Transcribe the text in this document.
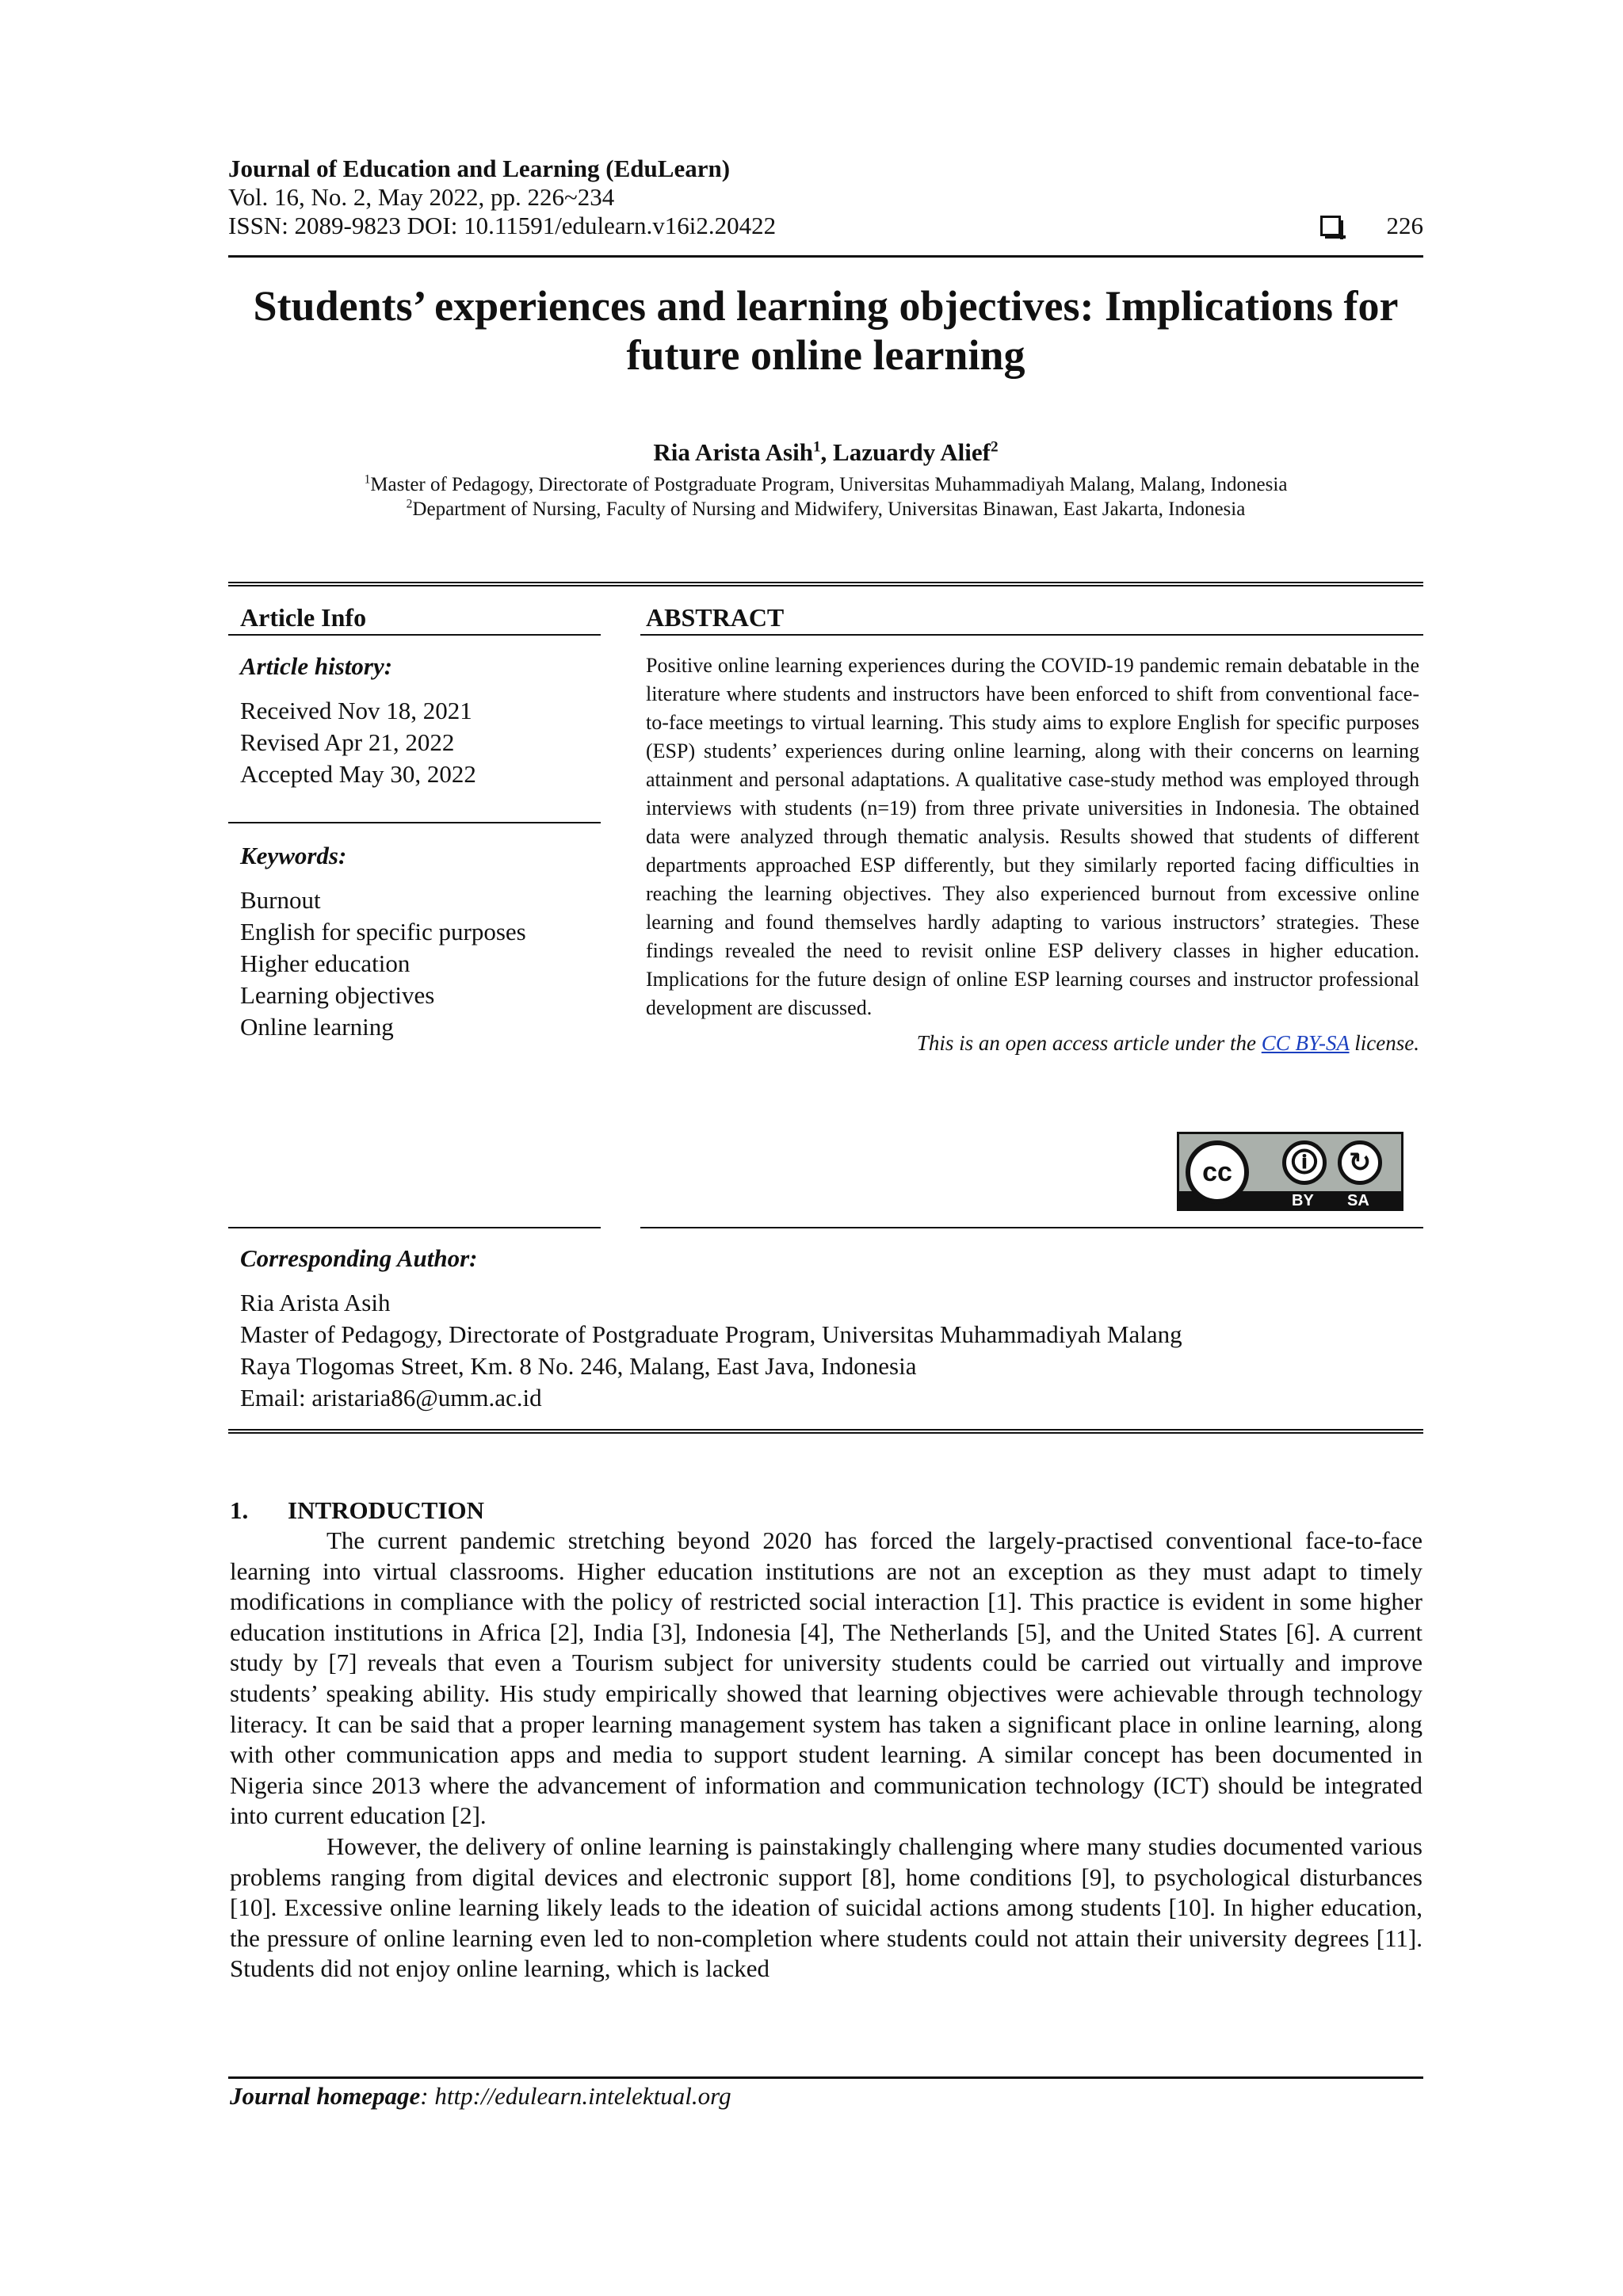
Journal of Education and Learning (EduLearn)
Vol. 16, No. 2, May 2022, pp. 226~234
ISSN: 2089-9823 DOI: 10.11591/edulearn.v16i2.20422	226
Students’ experiences and learning objectives: Implications for future online learning
Ria Arista Asih$^1$, Lazuardy Alief$^2$
$^1$Master of Pedagogy, Directorate of Postgraduate Program, Universitas Muhammadiyah Malang, Malang, Indonesia
$^2$Department of Nursing, Faculty of Nursing and Midwifery, Universitas Binawan, East Jakarta, Indonesia
Article Info
Article history:
Received Nov 18, 2021
Revised Apr 21, 2022
Accepted May 30, 2022
Keywords:
Burnout
English for specific purposes
Higher education
Learning objectives
Online learning
ABSTRACT
Positive online learning experiences during the COVID-19 pandemic remain debatable in the literature where students and instructors have been enforced to shift from conventional face-to-face meetings to virtual learning. This study aims to explore English for specific purposes (ESP) students’ experiences during online learning, along with their concerns on learning attainment and personal adaptations. A qualitative case-study method was employed through interviews with students (n=19) from three private universities in Indonesia. The obtained data were analyzed through thematic analysis. Results showed that students of different departments approached ESP differently, but they similarly reported facing difficulties in reaching the learning objectives. They also experienced burnout from excessive online learning and found themselves hardly adapting to various instructors’ strategies. These findings revealed the need to revisit online ESP delivery classes in higher education. Implications for the future design of online ESP learning courses and instructor professional development are discussed.
This is an open access article under the CC BY-SA license.
cc	🛈	↻
BY SA
Corresponding Author:
Ria Arista Asih
Master of Pedagogy, Directorate of Postgraduate Program, Universitas Muhammadiyah Malang
Raya Tlogomas Street, Km. 8 No. 246, Malang, East Java, Indonesia
Email: aristaria86@umm.ac.id
1. INTRODUCTION

The current pandemic stretching beyond 2020 has forced the largely-practised conventional face-to-face learning into virtual classrooms. Higher education institutions are not an exception as they must adapt to timely modifications in compliance with the policy of restricted social interaction [1]. This practice is evident in some higher education institutions in Africa [2], India [3], Indonesia [4], The Netherlands [5], and the United States [6]. A current study by [7] reveals that even a Tourism subject for university students could be carried out virtually and improve students’ speaking ability. His study empirically showed that learning objectives were achievable through technology literacy. It can be said that a proper learning management system has taken a significant place in online learning, along with other communication apps and media to support student learning. A similar concept has been documented in Nigeria since 2013 where the advancement of information and communication technology (ICT) should be integrated into current education [2].

However, the delivery of online learning is painstakingly challenging where many studies documented various problems ranging from digital devices and electronic support [8], home conditions [9], to psychological disturbances [10]. Excessive online learning likely leads to the ideation of suicidal actions among students [10]. In higher education, the pressure of online learning even led to non-completion where students could not attain their university degrees [11]. Students did not enjoy online learning, which is lacked

Journal homepage: http://edulearn.intelektual.org
